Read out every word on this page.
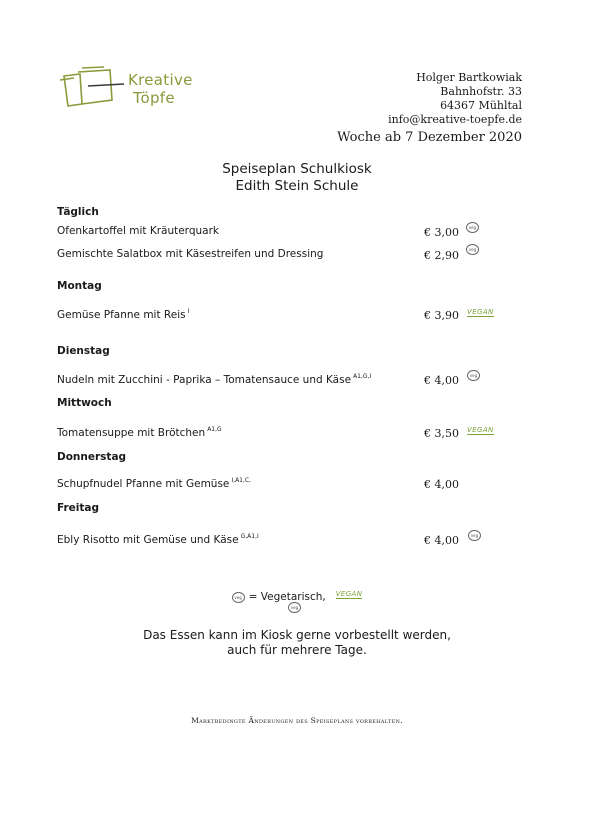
Kreative
Töpfe
Holger Bartkowiak
Bahnhofstr. 33
64367 Mühltal
info@kreative-toepfe.de
Woche ab 7 Dezember 2020
Speiseplan Schulkiosk
Edith Stein Schule
Täglich
Ofenkartoffel mit Kräuterquark	€ 3,00	veg
Gemischte Salatbox mit Käsestreifen und Dressing	€ 2,90	veg
Montag
Gemüse Pfanne mit Reis $^I$	€ 3,90 VEGAN
Dienstag
Nudeln mit Zucchini - Paprika – Tomatensauce und Käse $^{A1,G,I}$	€ 4,00	veg
Mittwoch
Tomatensuppe mit Brötchen $^{A1,G}$	€ 3,50 VEGAN
Donnerstag
Schupfnudel Pfanne mit Gemüse $^{I,A1,C,}$	€ 4,00
Freitag
Ebly Risotto mit Gemüse und Käse $^{G,A1,I}$	€ 4,00	veg
veg = Vegetarisch, VEGAN
veg
Das Essen kann im Kiosk gerne vorbestellt werden,
auch für mehrere Tage.
Marktbedingte Änderungen des Speiseplans vorbehalten.
